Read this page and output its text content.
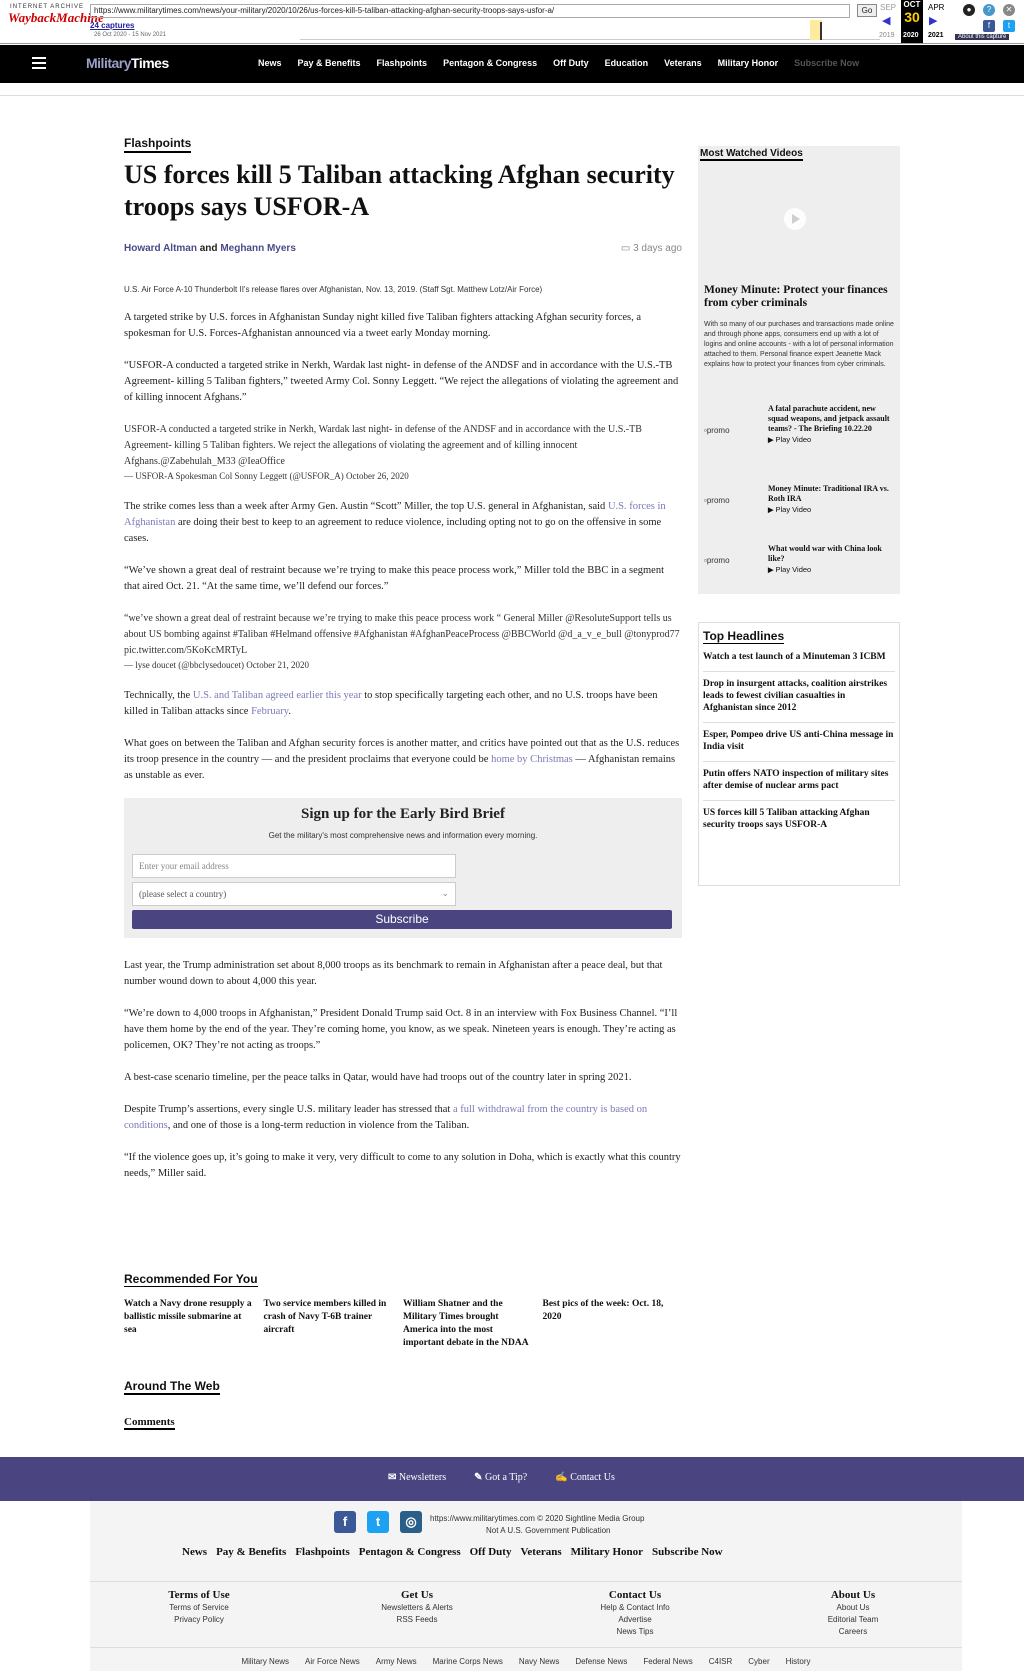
INTERNET ARCHIVE
WaybackMachine
https://www.militarytimes.com/news/your-military/2020/10/26/us-forces-kill-5-taliban-attacking-afghan-security-troops-says-usfor-a/	Go
24 captures
26 Oct 2020 - 15 Nov 2021
SEP
◀
OCT
30
APR
▶
2019 2020 2021
●	?	✕
f	t
About this capture
MilitaryTimes	News Pay & Benefits Flashpoints Pentagon & Congress Off Duty Education Veterans Military Honor Subscribe Now
Flashpoints
US forces kill 5 Taliban attacking Afghan security troops says USFOR-A
Howard Altman and Meghann Myers	▭ 3 days ago
U.S. Air Force A-10 Thunderbolt II's release flares over Afghanistan, Nov. 13, 2019. (Staff Sgt. Matthew Lotz/Air Force)

A targeted strike by U.S. forces in Afghanistan Sunday night killed five Taliban fighters attacking Afghan security forces, a spokesman for U.S. Forces-Afghanistan announced via a tweet early Monday morning.

“USFOR-A conducted a targeted strike in Nerkh, Wardak last night- in defense of the ANDSF and in accordance with the U.S.-TB Agreement- killing 5 Taliban fighters,” tweeted Army Col. Sonny Leggett. “We reject the allegations of violating the agreement and of killing innocent Afghans.”

USFOR-A conducted a targeted strike in Nerkh, Wardak last night- in defense of the ANDSF and in accordance with the U.S.-TB Agreement- killing 5 Taliban fighters. We reject the allegations of violating the agreement and of killing innocent Afghans.@Zabehulah_M33 @IeaOffice
— USFOR-A Spokesman Col Sonny Leggett (@USFOR_A) October 26, 2020

The strike comes less than a week after Army Gen. Austin “Scott” Miller, the top U.S. general in Afghanistan, said U.S. forces in Afghanistan are doing their best to keep to an agreement to reduce violence, including opting not to go on the offensive in some cases.

“We’ve shown a great deal of restraint because we’re trying to make this peace process work,” Miller told the BBC in a segment that aired Oct. 21. “At the same time, we’ll defend our forces.”

“we’ve shown a great deal of restraint because we’re trying to make this peace process work “ General Miller @ResoluteSupport tells us about US bombing against #Taliban #Helmand offensive #Afghanistan #AfghanPeaceProcess @BBCWorld @d_a_v_e_bull @tonyprod77 pic.twitter.com/5KoKcMRTyL
— lyse doucet (@bbclysedoucet) October 21, 2020

Technically, the U.S. and Taliban agreed earlier this year to stop specifically targeting each other, and no U.S. troops have been killed in Taliban attacks since February.

What goes on between the Taliban and Afghan security forces is another matter, and critics have pointed out that as the U.S. reduces its troop presence in the country — and the president proclaims that everyone could be home by Christmas — Afghanistan remains as unstable as ever.

Sign up for the Early Bird Brief
Get the military's most comprehensive news and information every morning.
Enter your email address
(please select a country)	⌄
Subscribe

Last year, the Trump administration set about 8,000 troops as its benchmark to remain in Afghanistan after a peace deal, but that number wound down to about 4,000 this year.

“We’re down to 4,000 troops in Afghanistan,” President Donald Trump said Oct. 8 in an interview with Fox Business Channel. “I’ll have them home by the end of the year. They’re coming home, you know, as we speak. Nineteen years is enough. They’re acting as policemen, OK? They’re not acting as troops.”

A best-case scenario timeline, per the peace talks in Qatar, would have had troops out of the country later in spring 2021.

Despite Trump’s assertions, every single U.S. military leader has stressed that a full withdrawal from the country is based on conditions, and one of those is a long-term reduction in violence from the Taliban.

“If the violence goes up, it’s going to make it very, very difficult to come to any solution in Doha, which is exactly what this country needs,” Miller said.

Recommended For You
Watch a Navy drone resupply a ballistic missile submarine at sea
Two service members killed in crash of Navy T-6B trainer aircraft
William Shatner and the Military Times brought America into the most important debate in the NDAA
Best pics of the week: Oct. 18, 2020
Around The Web
Comments
Most Watched Videos
Money Minute: Protect your finances from cyber criminals
With so many of our purchases and transactions made online and through phone apps, consumers end up with a lot of logins and online accounts - with a lot of personal information attached to them. Personal finance expert Jeanette Mack explains how to protect your finances from cyber criminals.
▫promo
A fatal parachute accident, new squad weapons, and jetpack assault teams? - The Briefing 10.22.20
▶ Play Video
▫promo
Money Minute: Traditional IRA vs. Roth IRA
▶ Play Video
▫promo
What would war with China look like?
▶ Play Video
Top Headlines
Watch a test launch of a Minuteman 3 ICBM
Drop in insurgent attacks, coalition airstrikes leads to fewest civilian casualties in Afghanistan since 2012
Esper, Pompeo drive US anti-China message in India visit
Putin offers NATO inspection of military sites after demise of nuclear arms pact
US forces kill 5 Taliban attacking Afghan security troops says USFOR-A
✉ Newsletters	✎ Got a Tip?	✍ Contact Us
f	t	◎	https://www.militarytimes.com © 2020 Sightline Media Group
Not A U.S. Government Publication
News Pay & Benefits Flashpoints Pentagon & Congress Off Duty Veterans Military Honor Subscribe Now
Terms of Use
Terms of Service
Privacy Policy
Get Us
Newsletters & Alerts
RSS Feeds
Contact Us
Help & Contact Info
Advertise
News Tips
About Us
About Us
Editorial Team
Careers
Military News Air Force News Army News Marine Corps News Navy News Defense News Federal News C4ISR Cyber History
